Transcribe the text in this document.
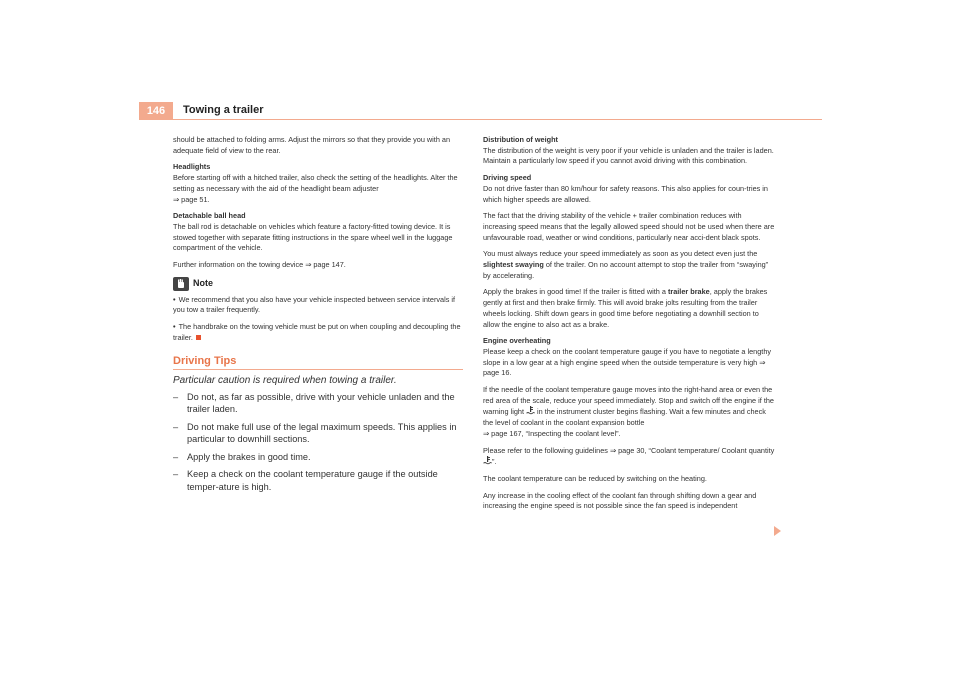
146	Towing a trailer

should be attached to folding arms. Adjust the mirrors so that they provide you with an adequate field of view to the rear.

Headlights

Before starting off with a hitched trailer, also check the setting of the headlights. Alter the setting as necessary with the aid of the headlight beam adjuster
⇒ page 51.

Detachable ball head

The ball rod is detachable on vehicles which feature a factory-fitted towing device. It is stowed together with separate fitting instructions in the spare wheel well in the luggage compartment of the vehicle.

Further information on the towing device ⇒ page 147.

Note

• We recommend that you also have your vehicle inspected between service intervals if you tow a trailer frequently.

• The handbrake on the towing vehicle must be put on when coupling and decoupling the trailer.

Driving Tips
Particular caution is required when towing a trailer.
– Do not, as far as possible, drive with your vehicle unladen and the trailer laden.
– Do not make full use of the legal maximum speeds. This applies in particular to downhill sections.
– Apply the brakes in good time.
– Keep a check on the coolant temperature gauge if the outside temper-ature is high.

Distribution of weight

The distribution of the weight is very poor if your vehicle is unladen and the trailer is laden. Maintain a particularly low speed if you cannot avoid driving with this combination.

Driving speed

Do not drive faster than 80 km/hour for safety reasons. This also applies for coun-tries in which higher speeds are allowed.

The fact that the driving stability of the vehicle + trailer combination reduces with increasing speed means that the legally allowed speed should not be used when there are unfavourable road, weather or wind conditions, particularly near acci-dent black spots.

You must always reduce your speed immediately as soon as you detect even just the slightest swaying of the trailer. On no account attempt to stop the trailer from “swaying” by accelerating.

Apply the brakes in good time! If the trailer is fitted with a trailer brake, apply the brakes gently at first and then brake firmly. This will avoid brake jolts resulting from the trailer wheels locking. Shift down gears in good time before negotiating a downhill section to allow the engine to also act as a brake.

Engine overheating

Please keep a check on the coolant temperature gauge if you have to negotiate a lengthy slope in a low gear at a high engine speed when the outside temperature is very high ⇒ page 16.

If the needle of the coolant temperature gauge moves into the right-hand area or even the red area of the scale, reduce your speed immediately. Stop and switch off the engine if the warning light in the instrument cluster begins flashing. Wait a few minutes and check the level of coolant in the coolant expansion bottle
⇒ page 167, “Inspecting the coolant level”.

Please refer to the following guidelines ⇒ page 30, “Coolant temperature/ Coolant quantity ”.

The coolant temperature can be reduced by switching on the heating.

Any increase in the cooling effect of the coolant fan through shifting down a gear and increasing the engine speed is not possible since the fan speed is independent
